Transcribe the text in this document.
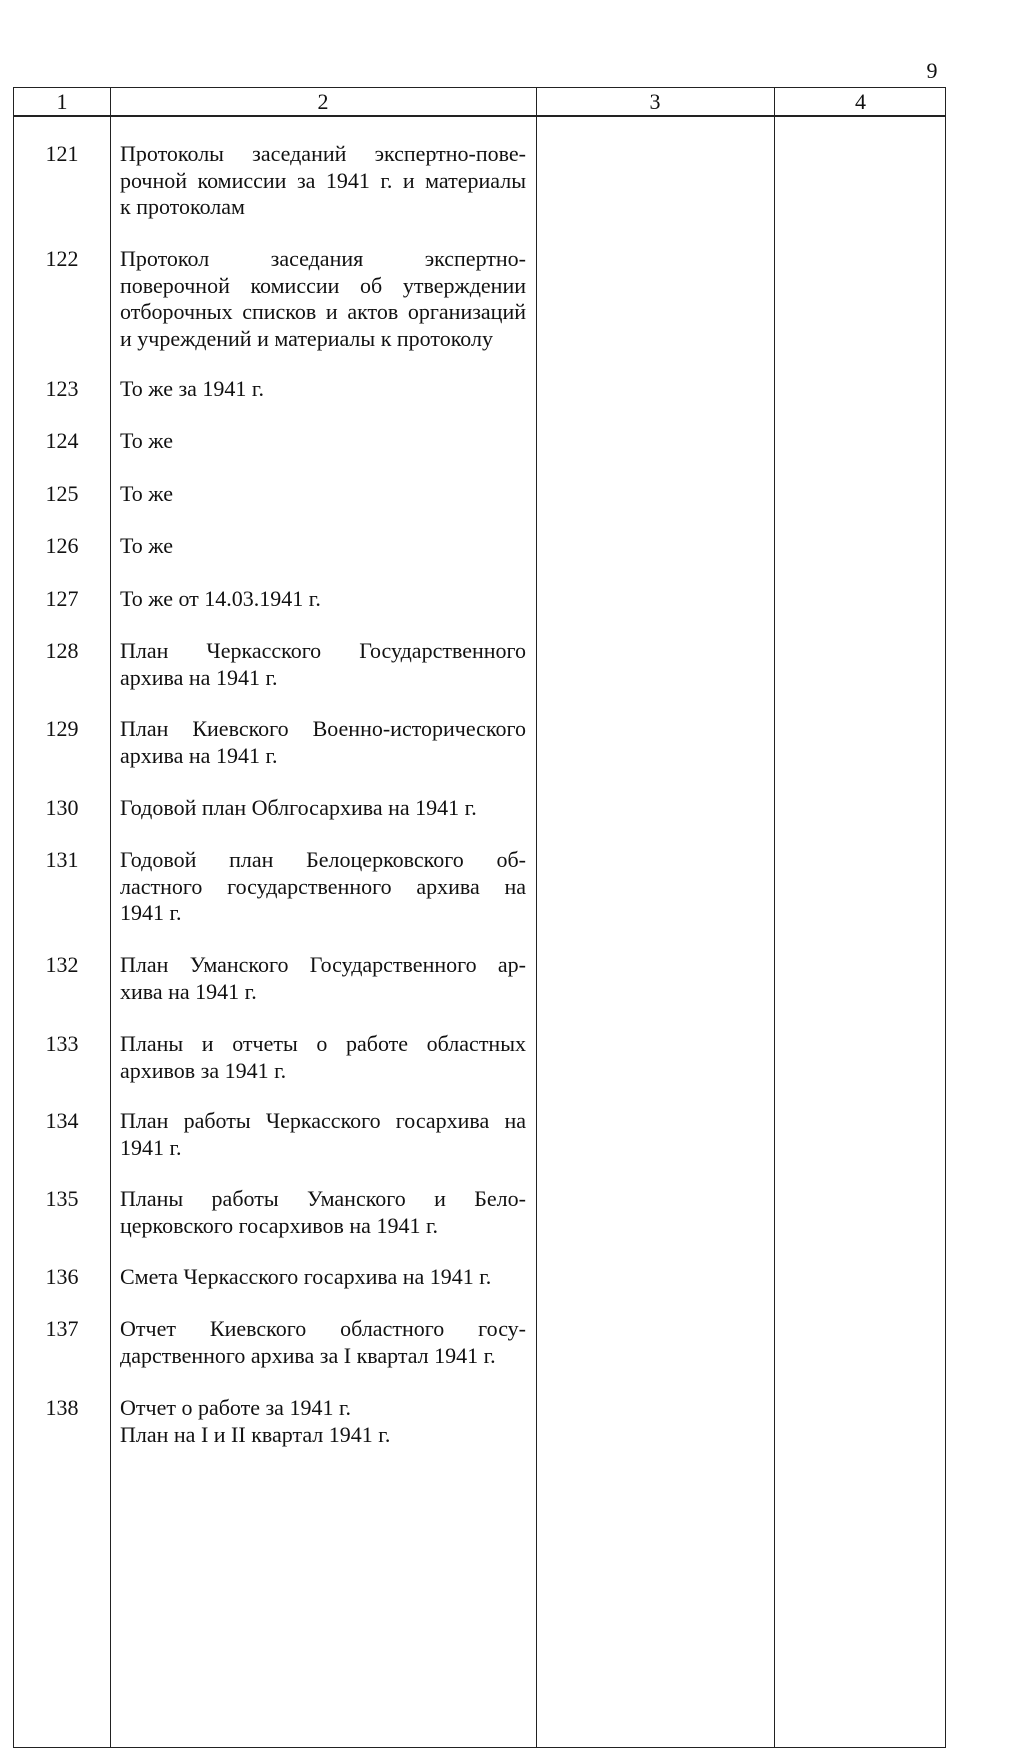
9
1	2	3	4
121	Протоколы заседаний экспертно-пове-

рочной комиссии за 1941 г. и материалы

к протоколам

122	Протокол заседания экспертно-

поверочной комиссии об утверждении

отборочных списков и актов организаций

и учреждений и материалы к протоколу

123	То же за 1941 г.

124	То же

125	То же

126	То же

127	То же от 14.03.1941 г.

128	План Черкасского Государственного

архива на 1941 г.

129	План Киевского Военно-исторического

архива на 1941 г.

130	Годовой план Облгосархива на 1941 г.

131	Годовой план Белоцерковского об-

ластного государственного архива на

1941 г.

132	План Уманского Государственного ар-

хива на 1941 г.

133	Планы и отчеты о работе областных

архивов за 1941 г.

134	План работы Черкасского госархива на

1941 г.

135	Планы работы Уманского и Бело-

церковского госархивов на 1941 г.

136	Смета Черкасского госархива на 1941 г.

137	Отчет Киевского областного госу-

дарственного архива за I квартал 1941 г.

138	Отчет о работе за 1941 г.

План на I и II квартал 1941 г.
